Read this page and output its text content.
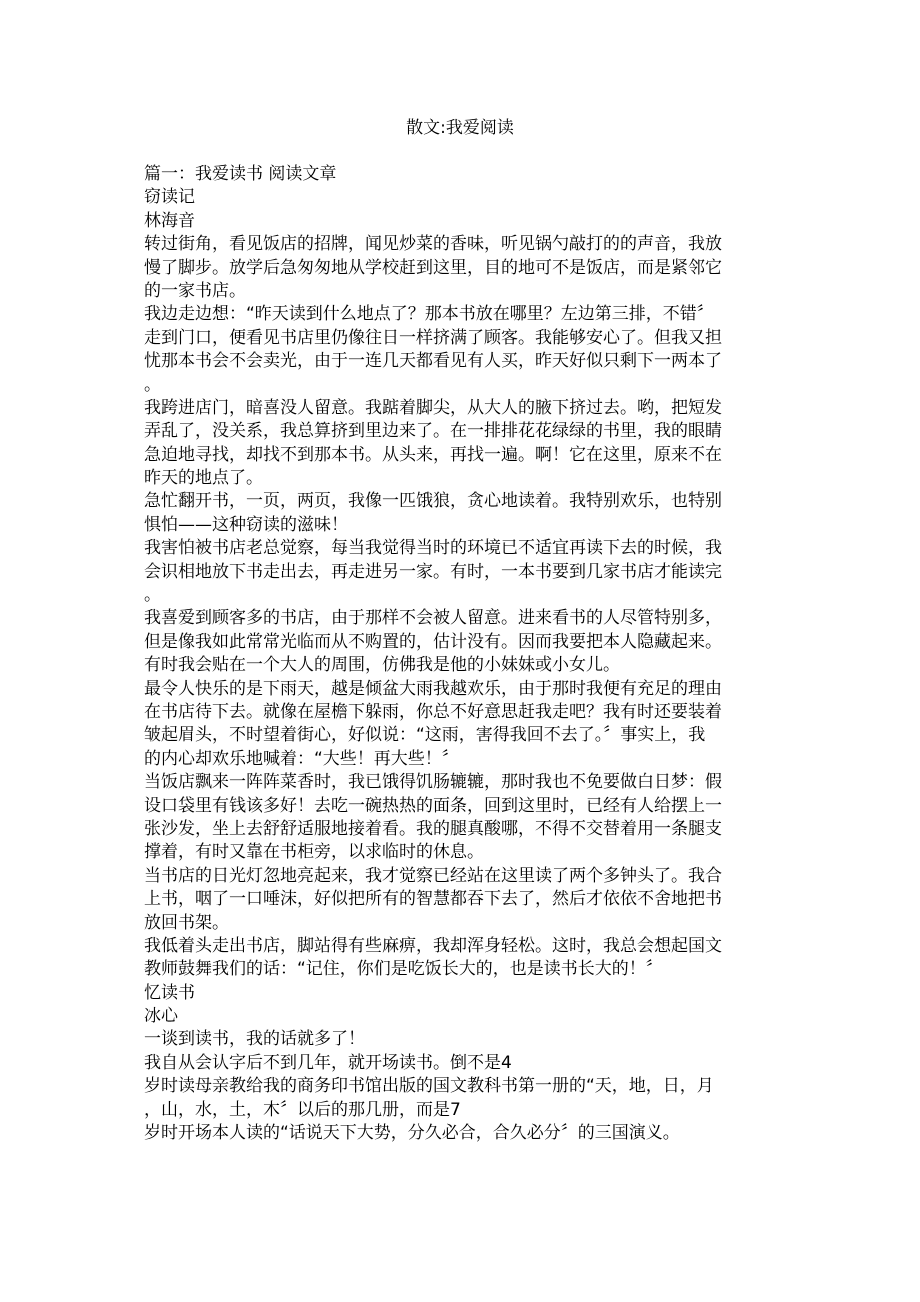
散文:我爱阅读
篇一：我爱读书 阅读文章
窃读记
林海音
转过街角，看见饭店的招牌，闻见炒菜的香味，听见锅勺敲打的的声音，我放
慢了脚步。放学后急匆匆地从学校赶到这里，目的地可不是饭店，而是紧邻它
的一家书店。
我边走边想：“昨天读到什么地点了？那本书放在哪里？左边第三排，不错〞
走到门口，便看见书店里仍像往日一样挤满了顾客。我能够安心了。但我又担
忧那本书会不会卖光，由于一连几天都看见有人买，昨天好似只剩下一两本了
。
我跨进店门，暗喜没人留意。我踮着脚尖，从大人的腋下挤过去。哟，把短发
弄乱了，没关系，我总算挤到里边来了。在一排排花花绿绿的书里，我的眼睛
急迫地寻找，却找不到那本书。从头来，再找一遍。啊！它在这里，原来不在
昨天的地点了。
急忙翻开书，一页，两页，我像一匹饿狼，贪心地读着。我特别欢乐，也特别
惧怕——这种窃读的滋味！
我害怕被书店老总觉察，每当我觉得当时的环境已不适宜再读下去的时候，我
会识相地放下书走出去，再走进另一家。有时，一本书要到几家书店才能读完
。
我喜爱到顾客多的书店，由于那样不会被人留意。进来看书的人尽管特别多，
但是像我如此常常光临而从不购置的，估计没有。因而我要把本人隐藏起来。
有时我会贴在一个大人的周围，仿佛我是他的小妹妹或小女儿。
最令人快乐的是下雨天，越是倾盆大雨我越欢乐，由于那时我便有充足的理由
在书店待下去。就像在屋檐下躲雨，你总不好意思赶我走吧？我有时还要装着
皱起眉头，不时望着街心，好似说：“这雨，害得我回不去了。〞事实上，我
的内心却欢乐地喊着：“大些！再大些！〞
当饭店飘来一阵阵菜香时，我已饿得饥肠辘辘，那时我也不免要做白日梦：假
设口袋里有钱该多好！去吃一碗热热的面条，回到这里时，已经有人给摆上一
张沙发，坐上去舒舒适服地接着看。我的腿真酸哪，不得不交替着用一条腿支
撑着，有时又靠在书柜旁，以求临时的休息。
当书店的日光灯忽地亮起来，我才觉察已经站在这里读了两个多钟头了。我合
上书，咽了一口唾沫，好似把所有的智慧都吞下去了，然后才依依不舍地把书
放回书架。
我低着头走出书店，脚站得有些麻痹，我却浑身轻松。这时，我总会想起国文
教师鼓舞我们的话：“记住，你们是吃饭长大的，也是读书长大的！〞
忆读书
冰心
一谈到读书，我的话就多了！
我自从会认字后不到几年，就开场读书。倒不是4
岁时读母亲教给我的商务印书馆出版的国文教科书第一册的“天，地，日，月
，山，水，土，木〞以后的那几册，而是7
岁时开场本人读的“话说天下大势，分久必合，合久必分〞的三国演义。
